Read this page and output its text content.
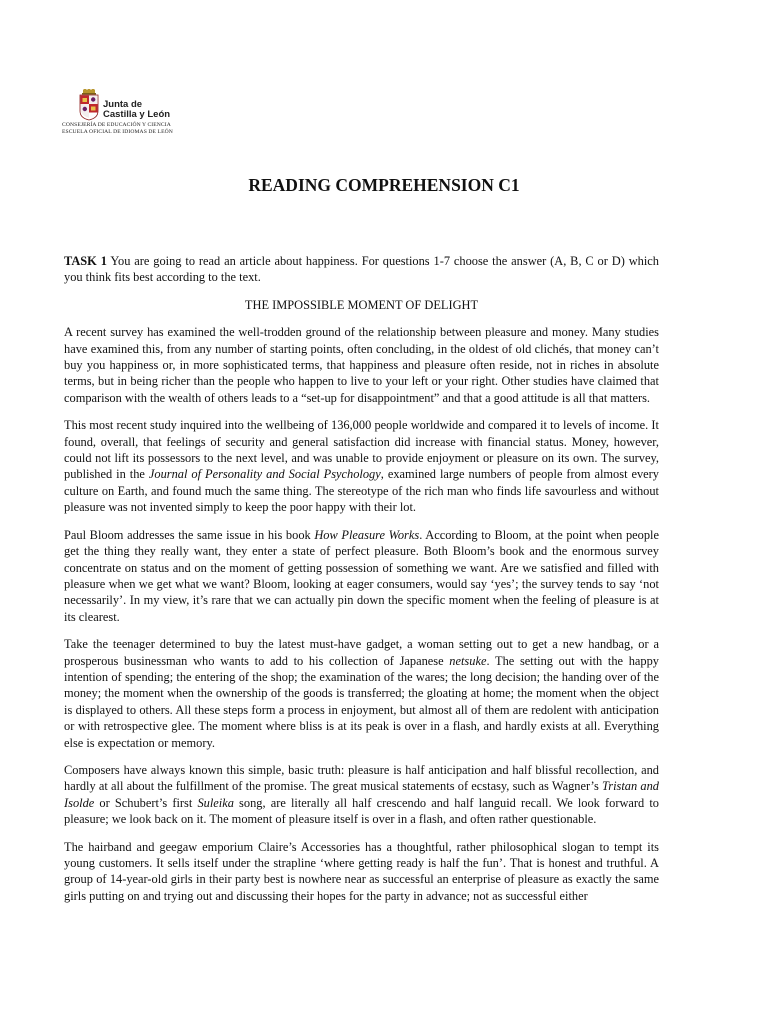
Junta de
Castilla y León
CONSEJERÍA DE EDUCACIÓN Y CIENCIA
ESCUELA OFICIAL DE IDIOMAS DE LEÓN
READING COMPREHENSION C1

TASK 1 You are going to read an article about happiness. For questions 1-7 choose the answer (A, B, C or D) which you think fits best according to the text.

THE IMPOSSIBLE MOMENT OF DELIGHT

A recent survey has examined the well-trodden ground of the relationship between pleasure and money. Many studies have examined this, from any number of starting points, often concluding, in the oldest of old clichés, that money can’t buy you happiness or, in more sophisticated terms, that happiness and pleasure often reside, not in riches in absolute terms, but in being richer than the people who happen to live to your left or your right. Other studies have claimed that comparison with the wealth of others leads to a “set-up for disappointment” and that a good attitude is all that matters.

This most recent study inquired into the wellbeing of 136,000 people worldwide and compared it to levels of income. It found, overall, that feelings of security and general satisfaction did increase with financial status. Money, however, could not lift its possessors to the next level, and was unable to provide enjoyment or pleasure on its own. The survey, published in the Journal of Personality and Social Psychology, examined large numbers of people from almost every culture on Earth, and found much the same thing. The stereotype of the rich man who finds life savourless and without pleasure was not invented simply to keep the poor happy with their lot.

Paul Bloom addresses the same issue in his book How Pleasure Works. According to Bloom, at the point when people get the thing they really want, they enter a state of perfect pleasure. Both Bloom’s book and the enormous survey concentrate on status and on the moment of getting possession of something we want. Are we satisfied and filled with pleasure when we get what we want? Bloom, looking at eager consumers, would say ‘yes’; the survey tends to say ‘not necessarily’. In my view, it’s rare that we can actually pin down the specific moment when the feeling of pleasure is at its clearest.

Take the teenager determined to buy the latest must-have gadget, a woman setting out to get a new handbag, or a prosperous businessman who wants to add to his collection of Japanese netsuke. The setting out with the happy intention of spending; the entering of the shop; the examination of the wares; the long decision; the handing over of the money; the moment when the ownership of the goods is transferred; the gloating at home; the moment when the object is displayed to others. All these steps form a process in enjoyment, but almost all of them are redolent with anticipation or with retrospective glee. The moment where bliss is at its peak is over in a flash, and hardly exists at all. Everything else is expectation or memory.

Composers have always known this simple, basic truth: pleasure is half anticipation and half blissful recollection, and hardly at all about the fulfillment of the promise. The great musical statements of ecstasy, such as Wagner’s Tristan and Isolde or Schubert’s first Suleika song, are literally all half crescendo and half languid recall. We look forward to pleasure; we look back on it. The moment of pleasure itself is over in a flash, and often rather questionable.

The hairband and geegaw emporium Claire’s Accessories has a thoughtful, rather philosophical slogan to tempt its young customers. It sells itself under the strapline ‘where getting ready is half the fun’. That is honest and truthful. A group of 14-year-old girls in their party best is nowhere near as successful an enterprise of pleasure as exactly the same girls putting on and trying out and discussing their hopes for the party in advance; not as successful either
